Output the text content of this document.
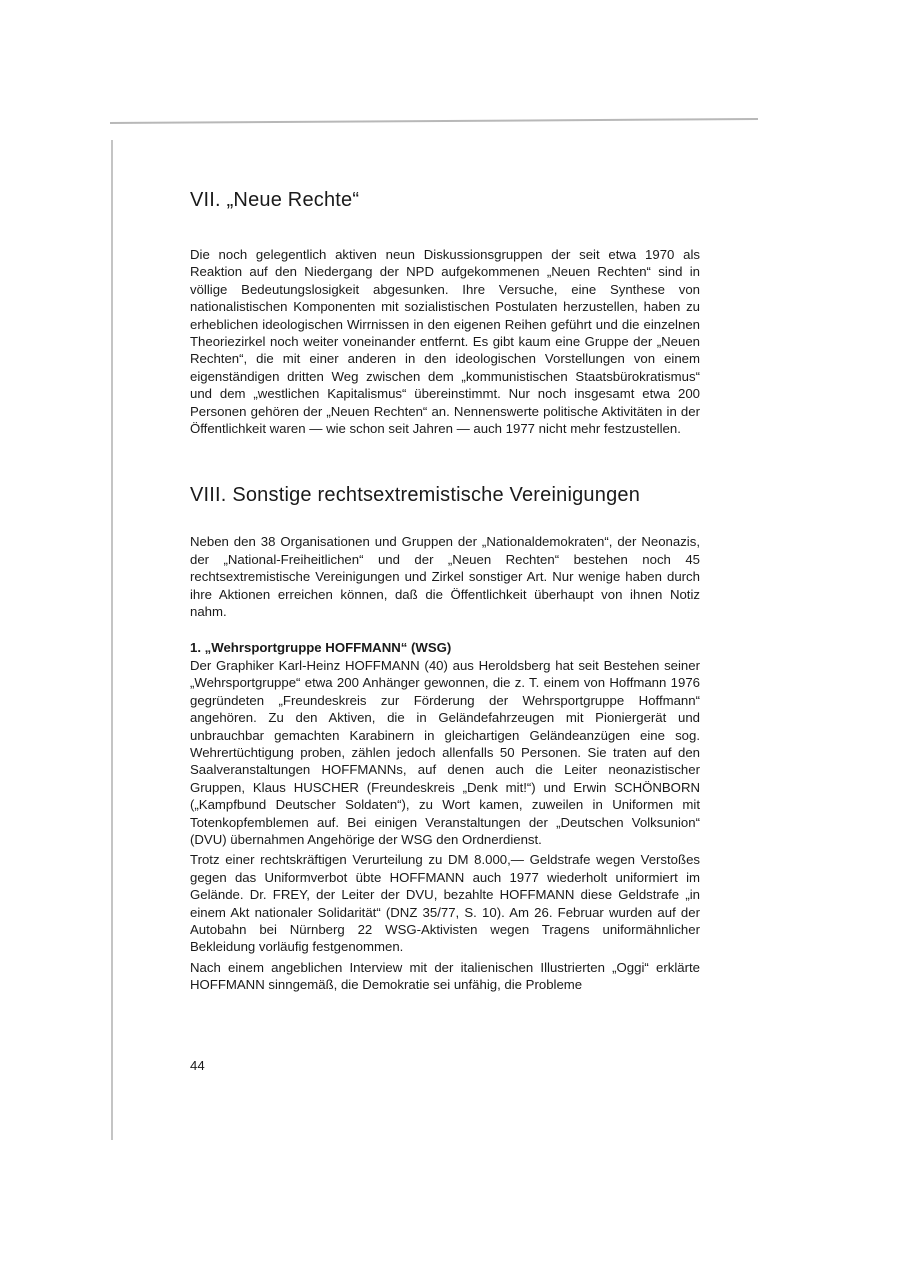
VII. „Neue Rechte“

Die noch gelegentlich aktiven neun Diskussionsgruppen der seit etwa 1970 als Reaktion auf den Niedergang der NPD aufgekommenen „Neuen Rechten“ sind in völlige Bedeutungslosigkeit abgesunken. Ihre Versuche, eine Synthese von nationalistischen Komponenten mit sozialistischen Postulaten herzustellen, haben zu erheblichen ideologischen Wirrnissen in den eigenen Reihen geführt und die einzelnen Theoriezirkel noch weiter voneinander entfernt. Es gibt kaum eine Gruppe der „Neuen Rechten“, die mit einer anderen in den ideologischen Vorstellungen von einem eigenständigen dritten Weg zwischen dem „kommunistischen Staatsbürokratismus“ und dem „westlichen Kapitalismus“ übereinstimmt. Nur noch insgesamt etwa 200 Personen gehören der „Neuen Rechten“ an. Nennenswerte politische Aktivitäten in der Öffentlichkeit waren — wie schon seit Jahren — auch 1977 nicht mehr festzustellen.

VIII. Sonstige rechtsextremistische Vereinigungen

Neben den 38 Organisationen und Gruppen der „Nationaldemokraten“, der Neonazis, der „National-Freiheitlichen“ und der „Neuen Rechten“ bestehen noch 45 rechtsextremistische Vereinigungen und Zirkel sonstiger Art. Nur wenige haben durch ihre Aktionen erreichen können, daß die Öffentlichkeit überhaupt von ihnen Notiz nahm.

1. „Wehrsportgruppe HOFFMANN“ (WSG)

Der Graphiker Karl-Heinz HOFFMANN (40) aus Heroldsberg hat seit Bestehen seiner „Wehrsportgruppe“ etwa 200 Anhänger gewonnen, die z. T. einem von Hoffmann 1976 gegründeten „Freundeskreis zur Förderung der Wehrsportgruppe Hoffmann“ angehören. Zu den Aktiven, die in Geländefahrzeugen mit Pioniergerät und unbrauchbar gemachten Karabinern in gleichartigen Geländeanzügen eine sog. Wehrertüchtigung proben, zählen jedoch allenfalls 50 Personen. Sie traten auf den Saalveranstaltungen HOFFMANNs, auf denen auch die Leiter neonazistischer Gruppen, Klaus HUSCHER (Freundeskreis „Denk mit!“) und Erwin SCHÖNBORN („Kampfbund Deutscher Soldaten“), zu Wort kamen, zuweilen in Uniformen mit Totenkopfemblemen auf. Bei einigen Veranstaltungen der „Deutschen Volksunion“ (DVU) übernahmen Angehörige der WSG den Ordnerdienst.

Trotz einer rechtskräftigen Verurteilung zu DM 8.000,— Geldstrafe wegen Verstoßes gegen das Uniformverbot übte HOFFMANN auch 1977 wiederholt uniformiert im Gelände. Dr. FREY, der Leiter der DVU, bezahlte HOFFMANN diese Geldstrafe „in einem Akt nationaler Solidarität“ (DNZ 35/77, S. 10). Am 26. Februar wurden auf der Autobahn bei Nürnberg 22 WSG-Aktivisten wegen Tragens uniformähnlicher Bekleidung vorläufig festgenommen.

Nach einem angeblichen Interview mit der italienischen Illustrierten „Oggi“ erklärte HOFFMANN sinngemäß, die Demokratie sei unfähig, die Probleme

44
